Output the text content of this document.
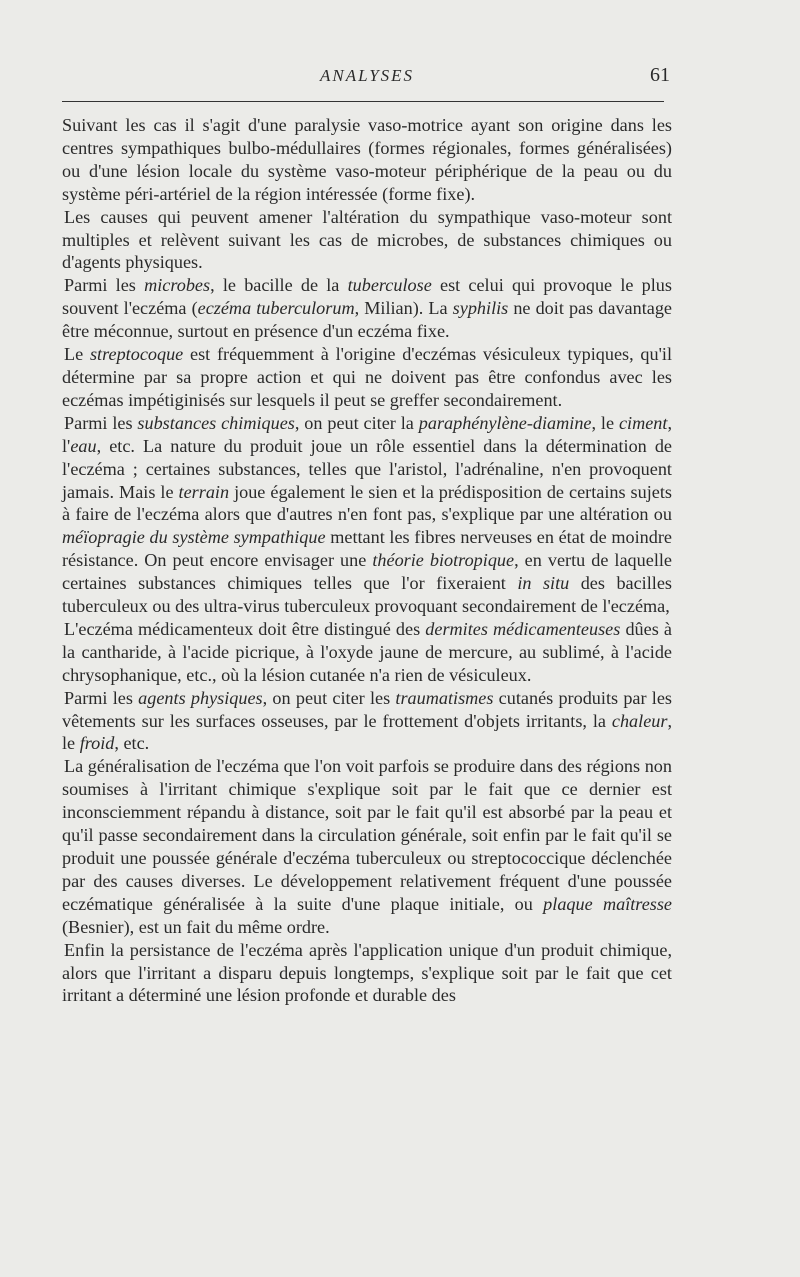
ANALYSES	61

Suivant les cas il s'agit d'une paralysie vaso-motrice ayant son origine dans les centres sympathiques bulbo-médullaires (formes régionales, formes généralisées) ou d'une lésion locale du système vaso-moteur périphérique de la peau ou du système péri-artériel de la région intéressée (forme fixe).

Les causes qui peuvent amener l'altération du sympathique vaso-moteur sont multiples et relèvent suivant les cas de microbes, de substances chimiques ou d'agents physiques.

Parmi les microbes, le bacille de la tuberculose est celui qui provoque le plus souvent l'eczéma (eczéma tuberculorum, Milian). La syphilis ne doit pas davantage être méconnue, surtout en présence d'un eczéma fixe.

Le streptocoque est fréquemment à l'origine d'eczémas vésiculeux typiques, qu'il détermine par sa propre action et qui ne doivent pas être confondus avec les eczémas impétiginisés sur lesquels il peut se greffer secondairement.

Parmi les substances chimiques, on peut citer la paraphénylène-diamine, le ciment, l'eau, etc. La nature du produit joue un rôle essentiel dans la détermination de l'eczéma ; certaines substances, telles que l'aristol, l'adrénaline, n'en provoquent jamais. Mais le terrain joue également le sien et la prédisposition de certains sujets à faire de l'eczéma alors que d'autres n'en font pas, s'explique par une altération ou méïopragie du système sympathique mettant les fibres nerveuses en état de moindre résistance. On peut encore envisager une théorie biotropique, en vertu de laquelle certaines substances chimiques telles que l'or fixeraient in situ des bacilles tuberculeux ou des ultra-virus tuberculeux provoquant secondairement de l'eczéma,

L'eczéma médicamenteux doit être distingué des dermites médicamenteuses dûes à la cantharide, à l'acide picrique, à l'oxyde jaune de mercure, au sublimé, à l'acide chrysophanique, etc., où la lésion cutanée n'a rien de vésiculeux.

Parmi les agents physiques, on peut citer les traumatismes cutanés produits par les vêtements sur les surfaces osseuses, par le frottement d'objets irritants, la chaleur, le froid, etc.

La généralisation de l'eczéma que l'on voit parfois se produire dans des régions non soumises à l'irritant chimique s'explique soit par le fait que ce dernier est inconsciemment répandu à distance, soit par le fait qu'il est absorbé par la peau et qu'il passe secondairement dans la circulation générale, soit enfin par le fait qu'il se produit une poussée générale d'eczéma tuberculeux ou streptococcique déclenchée par des causes diverses. Le développement relativement fréquent d'une poussée eczématique généralisée à la suite d'une plaque initiale, ou plaque maîtresse (Besnier), est un fait du même ordre.

Enfin la persistance de l'eczéma après l'application unique d'un produit chimique, alors que l'irritant a disparu depuis longtemps, s'explique soit par le fait que cet irritant a déterminé une lésion profonde et durable des
